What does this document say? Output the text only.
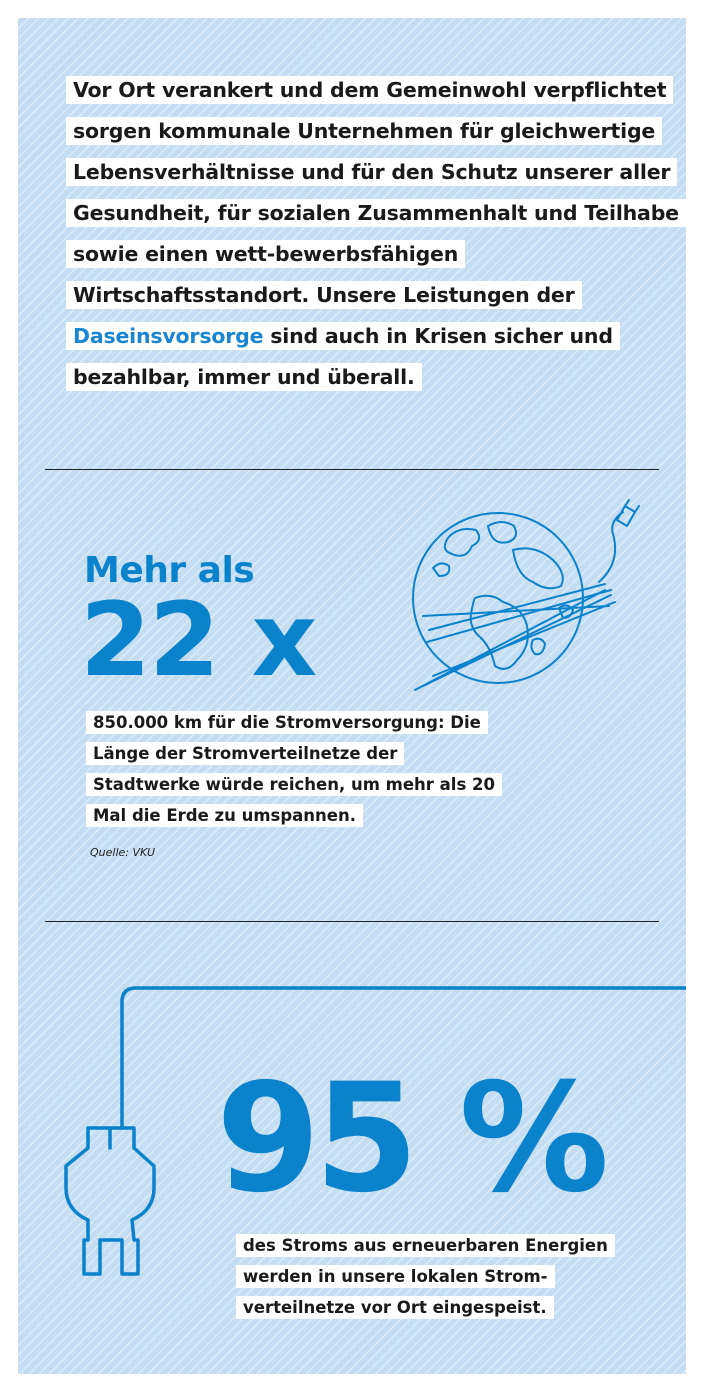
Vor Ort verankert und dem Gemeinwohl verpflichtet sorgen kommunale Unternehmen für gleichwertige Lebensverhältnisse und für den Schutz unserer aller Gesundheit, für sozialen Zusammenhalt und Teilhabe sowie einen wett-bewerbsfähigen Wirtschaftsstandort. Unsere Leistungen der Daseinsvorsorge sind auch in Krisen sicher und bezahlbar, immer und überall.

Mehr als
22 x

850.000 km für die Stromversorgung: Die Länge der Stromverteilnetze der Stadtwerke würde reichen, um mehr als 20 Mal die Erde zu umspannen.

Quelle: VKU
95 %

des Stroms aus erneuerbaren Energien werden in unsere lokalen Strom-verteilnetze vor Ort eingespeist.
